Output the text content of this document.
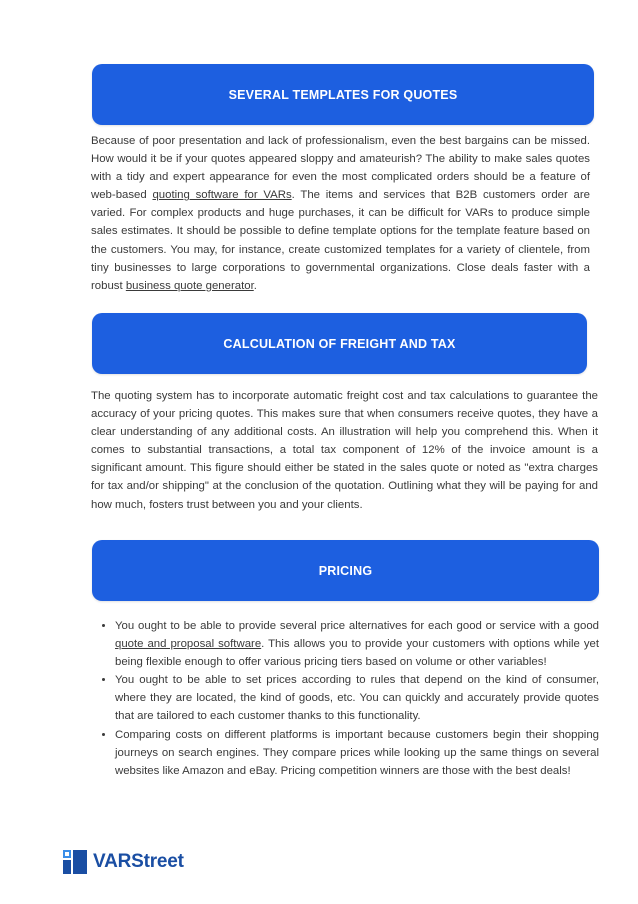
SEVERAL TEMPLATES FOR QUOTES

Because of poor presentation and lack of professionalism, even the best bargains can be missed. How would it be if your quotes appeared sloppy and amateurish? The ability to make sales quotes with a tidy and expert appearance for even the most complicated orders should be a feature of web-based quoting software for VARs. The items and services that B2B customers order are varied. For complex products and huge purchases, it can be difficult for VARs to produce simple sales estimates. It should be possible to define template options for the template feature based on the customers. You may, for instance, create customized templates for a variety of clientele, from tiny businesses to large corporations to governmental organizations. Close deals faster with a robust business quote generator.

CALCULATION OF FREIGHT AND TAX

The quoting system has to incorporate automatic freight cost and tax calculations to guarantee the accuracy of your pricing quotes. This makes sure that when consumers receive quotes, they have a clear understanding of any additional costs. An illustration will help you comprehend this. When it comes to substantial transactions, a total tax component of 12% of the invoice amount is a significant amount. This figure should either be stated in the sales quote or noted as "extra charges for tax and/or shipping" at the conclusion of the quotation. Outlining what they will be paying for and how much, fosters trust between you and your clients.

PRICING
• You ought to be able to provide several price alternatives for each good or service with a good quote and proposal software. This allows you to provide your customers with options while yet being flexible enough to offer various pricing tiers based on volume or other variables!
• You ought to be able to set prices according to rules that depend on the kind of consumer, where they are located, the kind of goods, etc. You can quickly and accurately provide quotes that are tailored to each customer thanks to this functionality.
• Comparing costs on different platforms is important because customers begin their shopping journeys on search engines. They compare prices while looking up the same things on several websites like Amazon and eBay. Pricing competition winners are those with the best deals!
VARStreet
